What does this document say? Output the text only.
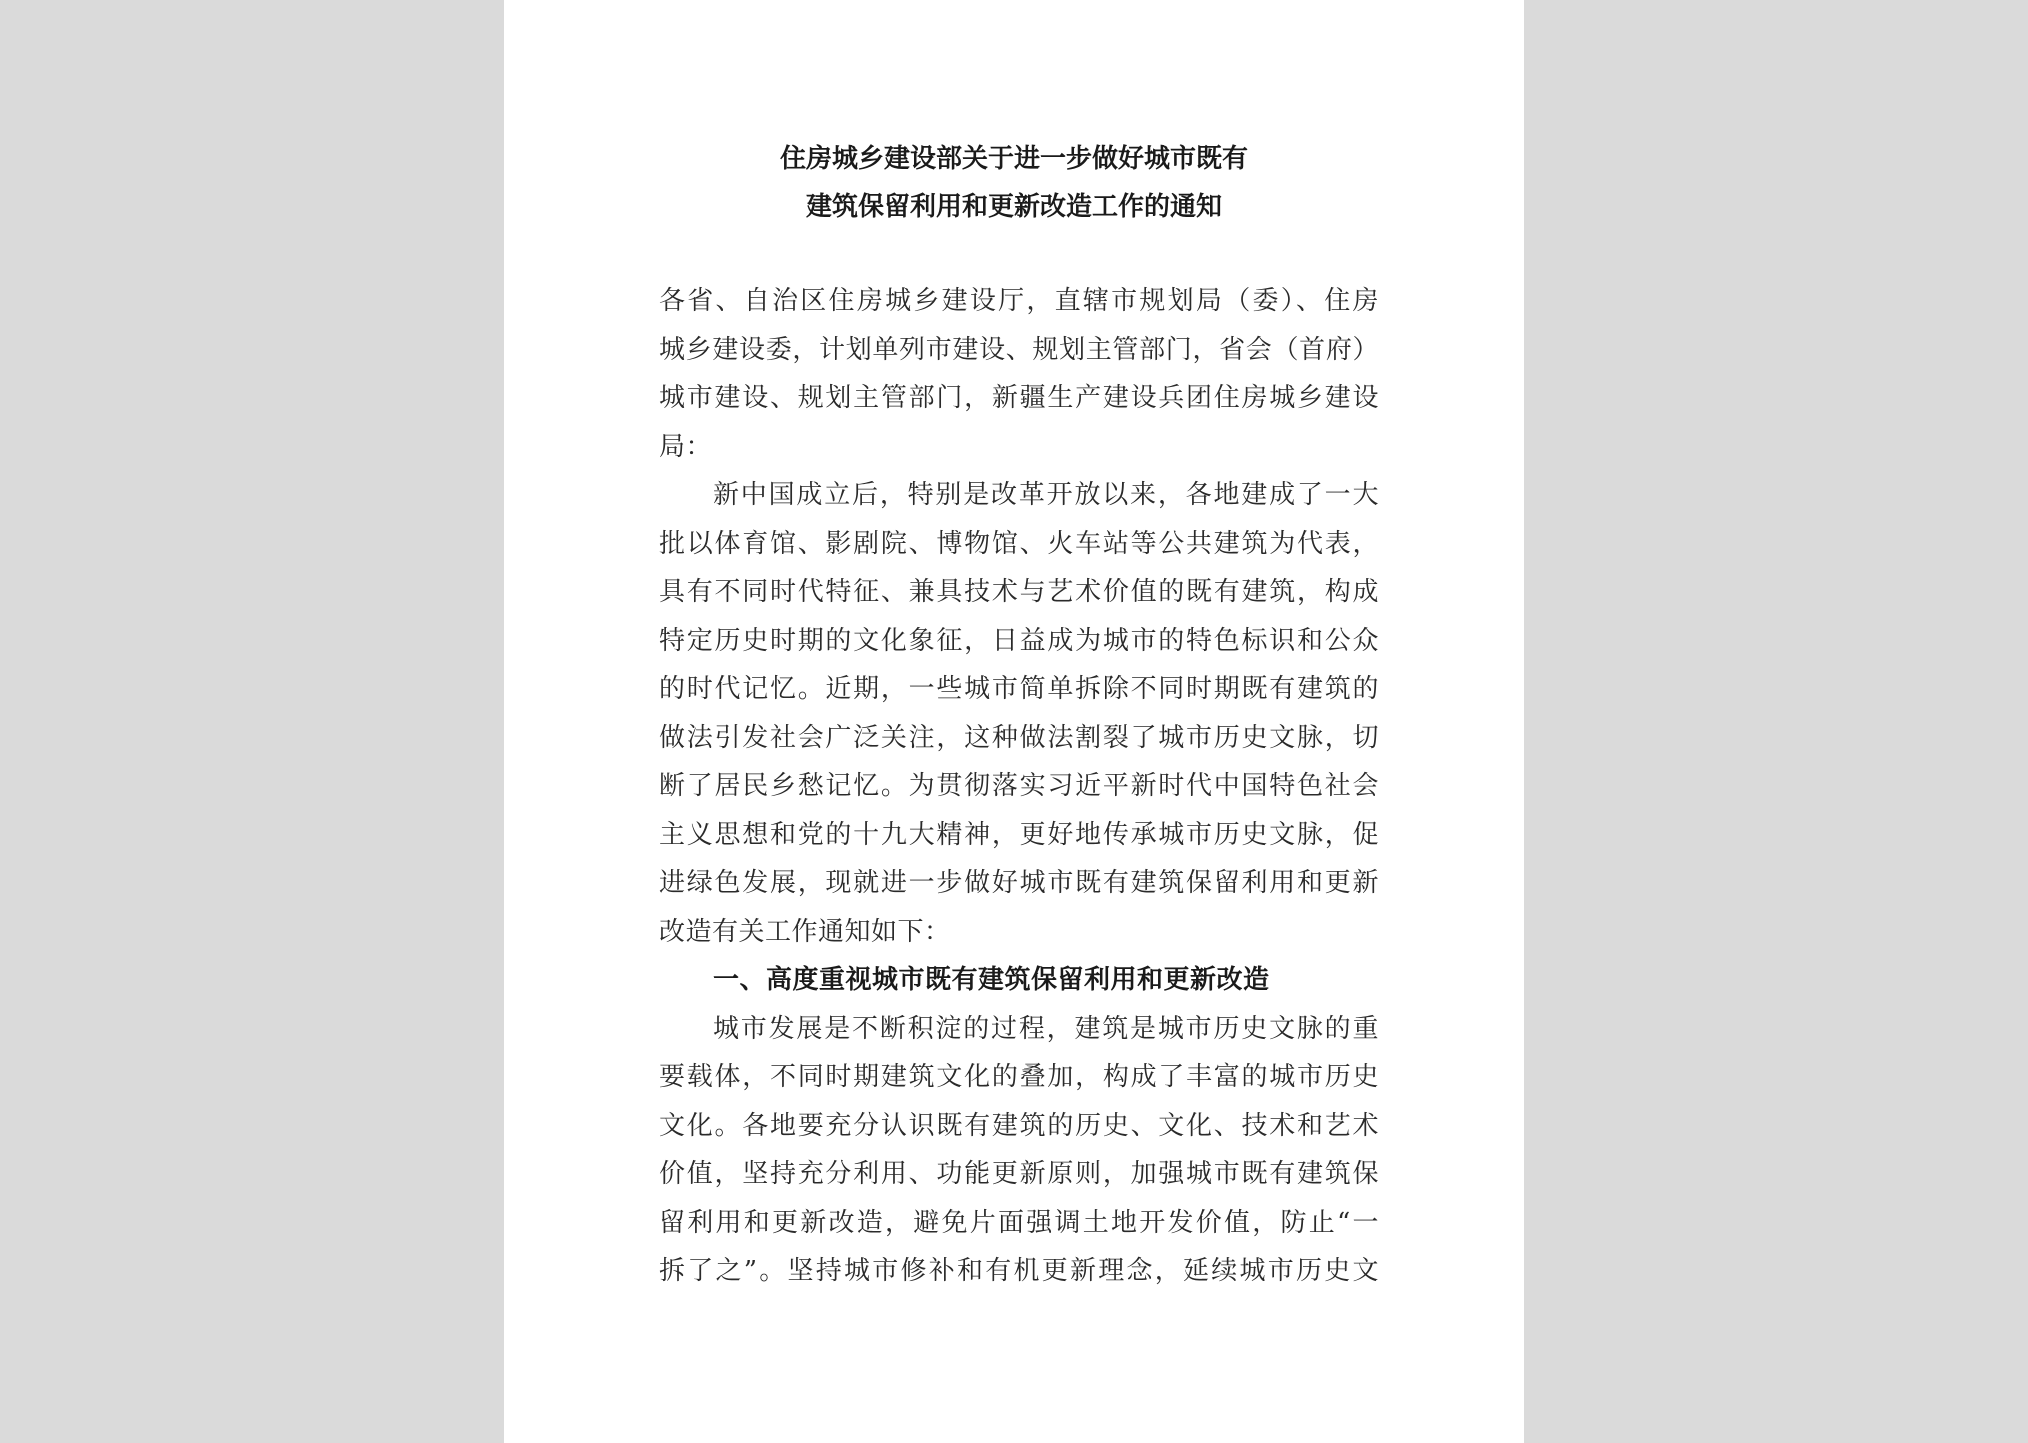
住房城乡建设部关于进一步做好城市既有
建筑保留利用和更新改造工作的通知
各省、自治区住房城乡建设厅，直辖市规划局（委）、住房
城乡建设委，计划单列市建设、规划主管部门，省会（首府）
城市建设、规划主管部门，新疆生产建设兵团住房城乡建设
局：
新中国成立后，特别是改革开放以来，各地建成了一大
批以体育馆、影剧院、博物馆、火车站等公共建筑为代表，
具有不同时代特征、兼具技术与艺术价值的既有建筑，构成
特定历史时期的文化象征，日益成为城市的特色标识和公众
的时代记忆。近期，一些城市简单拆除不同时期既有建筑的
做法引发社会广泛关注，这种做法割裂了城市历史文脉，切
断了居民乡愁记忆。为贯彻落实习近平新时代中国特色社会
主义思想和党的十九大精神，更好地传承城市历史文脉，促
进绿色发展，现就进一步做好城市既有建筑保留利用和更新
改造有关工作通知如下：
一、高度重视城市既有建筑保留利用和更新改造
城市发展是不断积淀的过程，建筑是城市历史文脉的重
要载体，不同时期建筑文化的叠加，构成了丰富的城市历史
文化。各地要充分认识既有建筑的历史、文化、技术和艺术
价值，坚持充分利用、功能更新原则，加强城市既有建筑保
留利用和更新改造，避免片面强调土地开发价值，防止“一
拆了之”。坚持城市修补和有机更新理念，延续城市历史文
